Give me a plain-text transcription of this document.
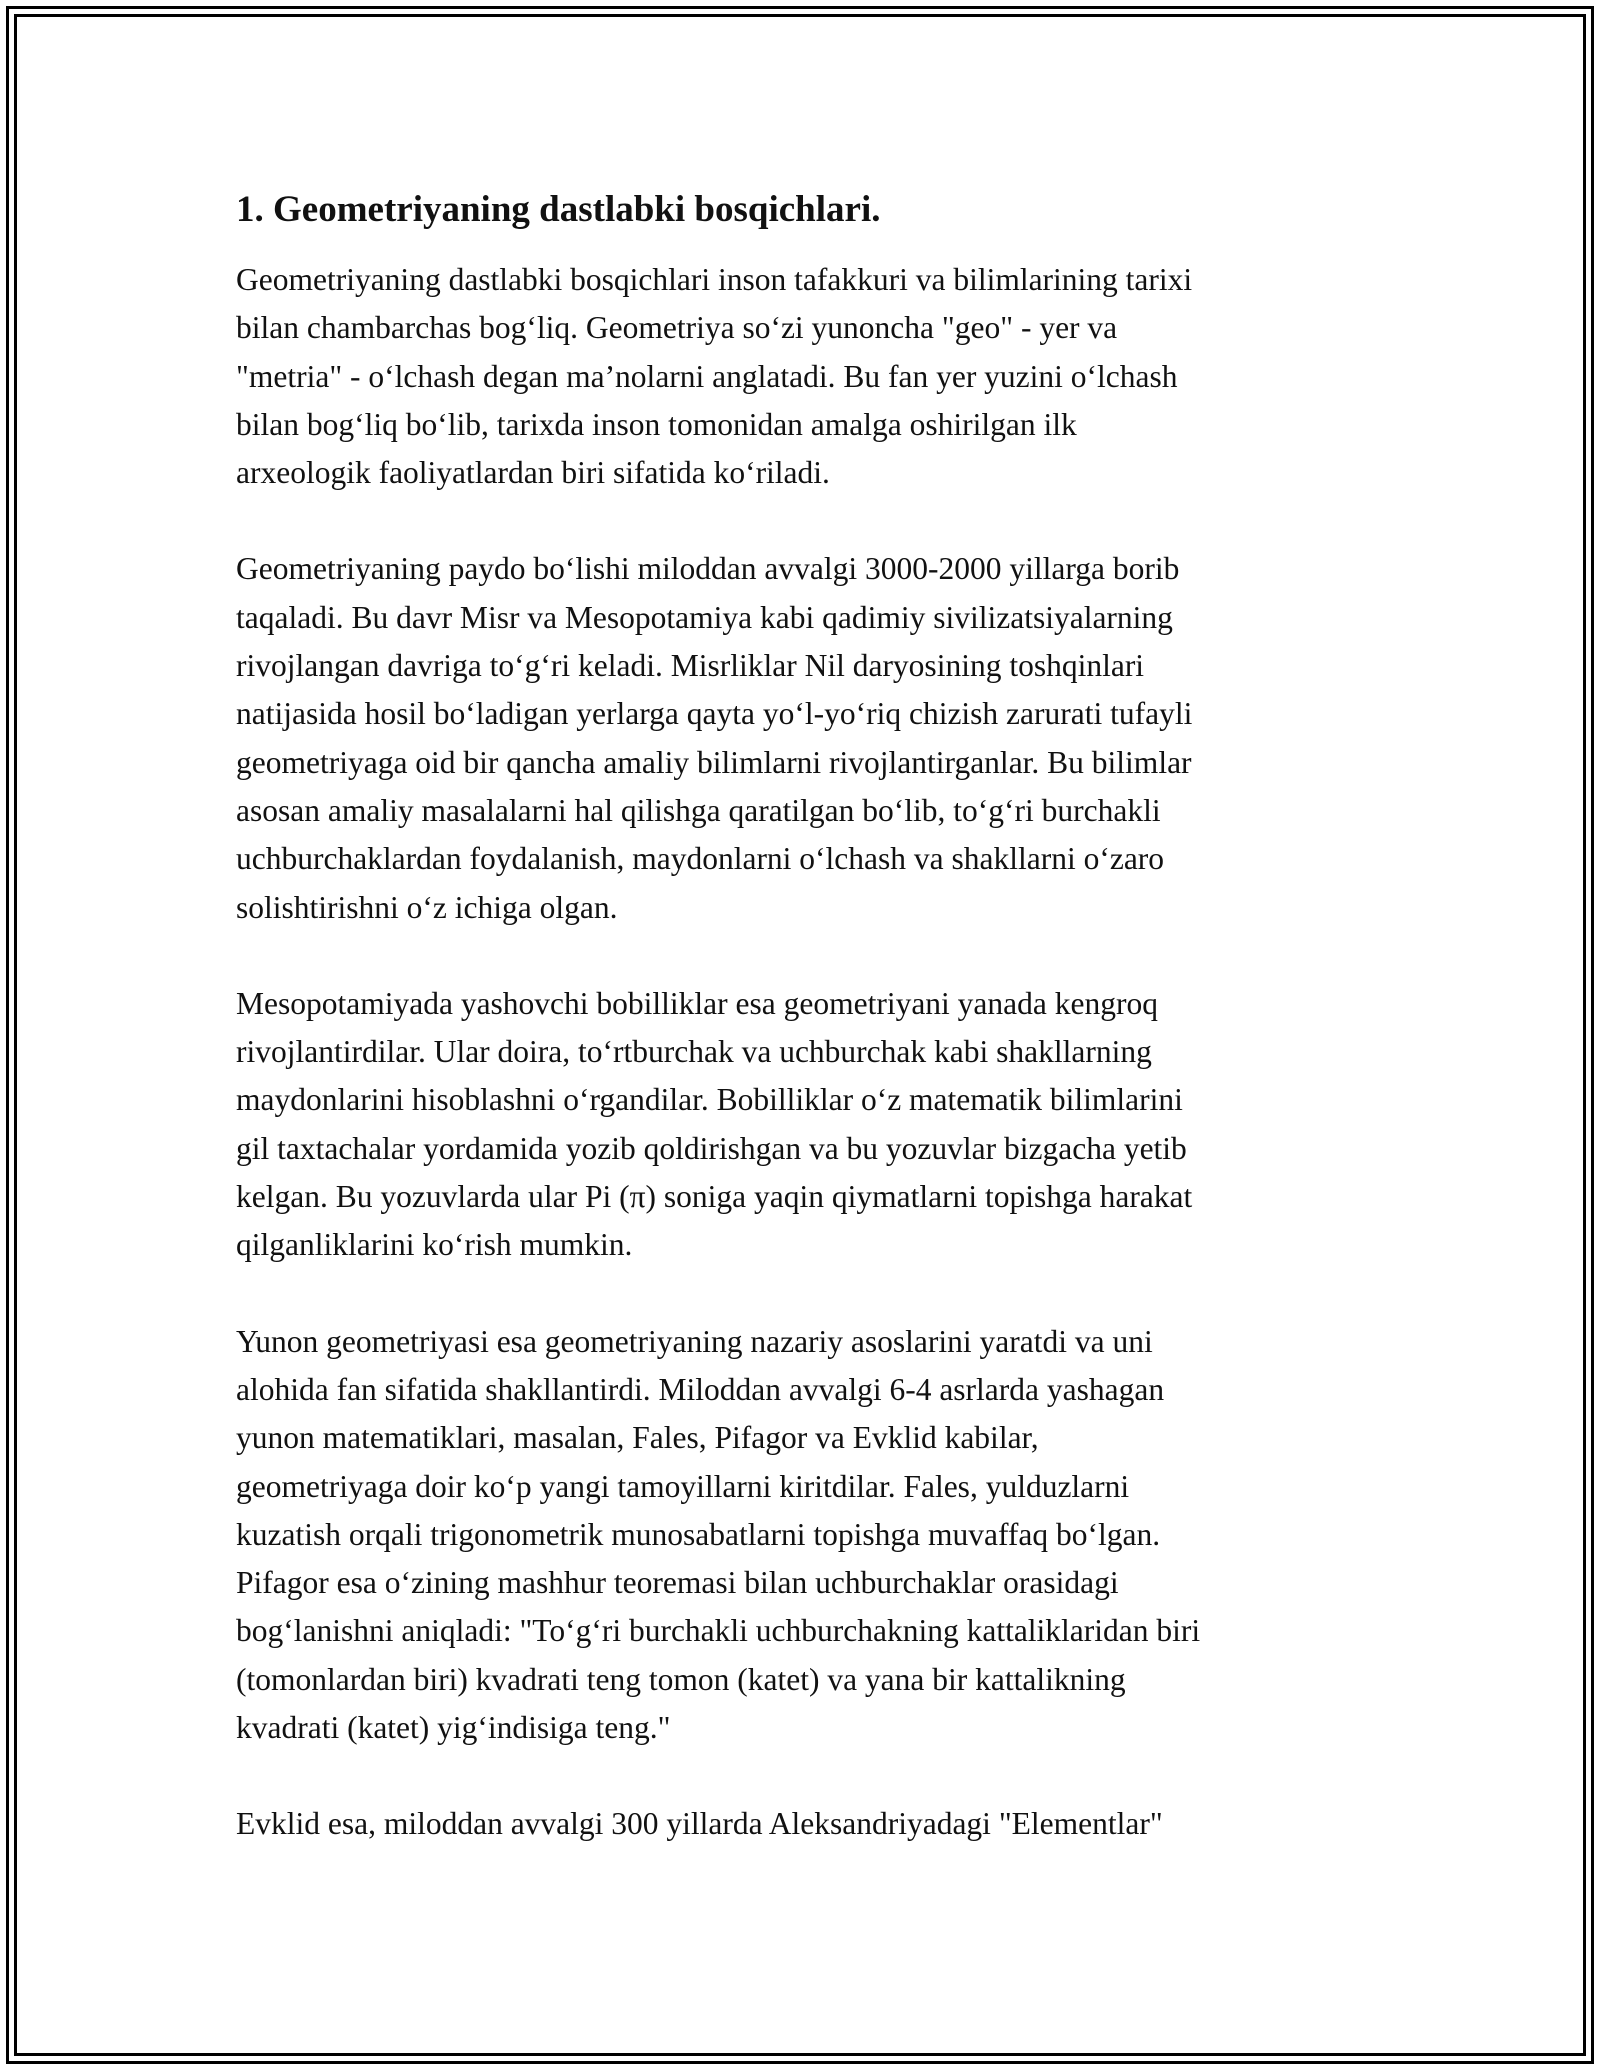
1. Geometriyaning dastlabki bosqichlari.
Geometriyaning dastlabki bosqichlari inson tafakkuri va bilimlarining tarixi
bilan chambarchas bog‘liq. Geometriya so‘zi yunoncha "geo" - yer va
"metria" - o‘lchash degan ma’nolarni anglatadi. Bu fan yer yuzini o‘lchash
bilan bog‘liq bo‘lib, tarixda inson tomonidan amalga oshirilgan ilk
arxeologik faoliyatlardan biri sifatida ko‘riladi.
Geometriyaning paydo bo‘lishi miloddan avvalgi 3000-2000 yillarga borib
taqaladi. Bu davr Misr va Mesopotamiya kabi qadimiy sivilizatsiyalarning
rivojlangan davriga to‘g‘ri keladi. Misrliklar Nil daryosining toshqinlari
natijasida hosil bo‘ladigan yerlarga qayta yo‘l-yo‘riq chizish zarurati tufayli
geometriyaga oid bir qancha amaliy bilimlarni rivojlantirganlar. Bu bilimlar
asosan amaliy masalalarni hal qilishga qaratilgan bo‘lib, to‘g‘ri burchakli
uchburchaklardan foydalanish, maydonlarni o‘lchash va shakllarni o‘zaro
solishtirishni o‘z ichiga olgan.
Mesopotamiyada yashovchi bobilliklar esa geometriyani yanada kengroq
rivojlantirdilar. Ular doira, to‘rtburchak va uchburchak kabi shakllarning
maydonlarini hisoblashni o‘rgandilar. Bobilliklar o‘z matematik bilimlarini
gil taxtachalar yordamida yozib qoldirishgan va bu yozuvlar bizgacha yetib
kelgan. Bu yozuvlarda ular Pi (π) soniga yaqin qiymatlarni topishga harakat
qilganliklarini ko‘rish mumkin.
Yunon geometriyasi esa geometriyaning nazariy asoslarini yaratdi va uni
alohida fan sifatida shakllantirdi. Miloddan avvalgi 6-4 asrlarda yashagan
yunon matematiklari, masalan, Fales, Pifagor va Evklid kabilar,
geometriyaga doir ko‘p yangi tamoyillarni kiritdilar. Fales, yulduzlarni
kuzatish orqali trigonometrik munosabatlarni topishga muvaffaq bo‘lgan.
Pifagor esa o‘zining mashhur teoremasi bilan uchburchaklar orasidagi
bog‘lanishni aniqladi: "To‘g‘ri burchakli uchburchakning kattaliklaridan biri
(tomonlardan biri) kvadrati teng tomon (katet) va yana bir kattalikning
kvadrati (katet) yig‘indisiga teng."
Evklid esa, miloddan avvalgi 300 yillarda Aleksandriyadagi "Elementlar"
